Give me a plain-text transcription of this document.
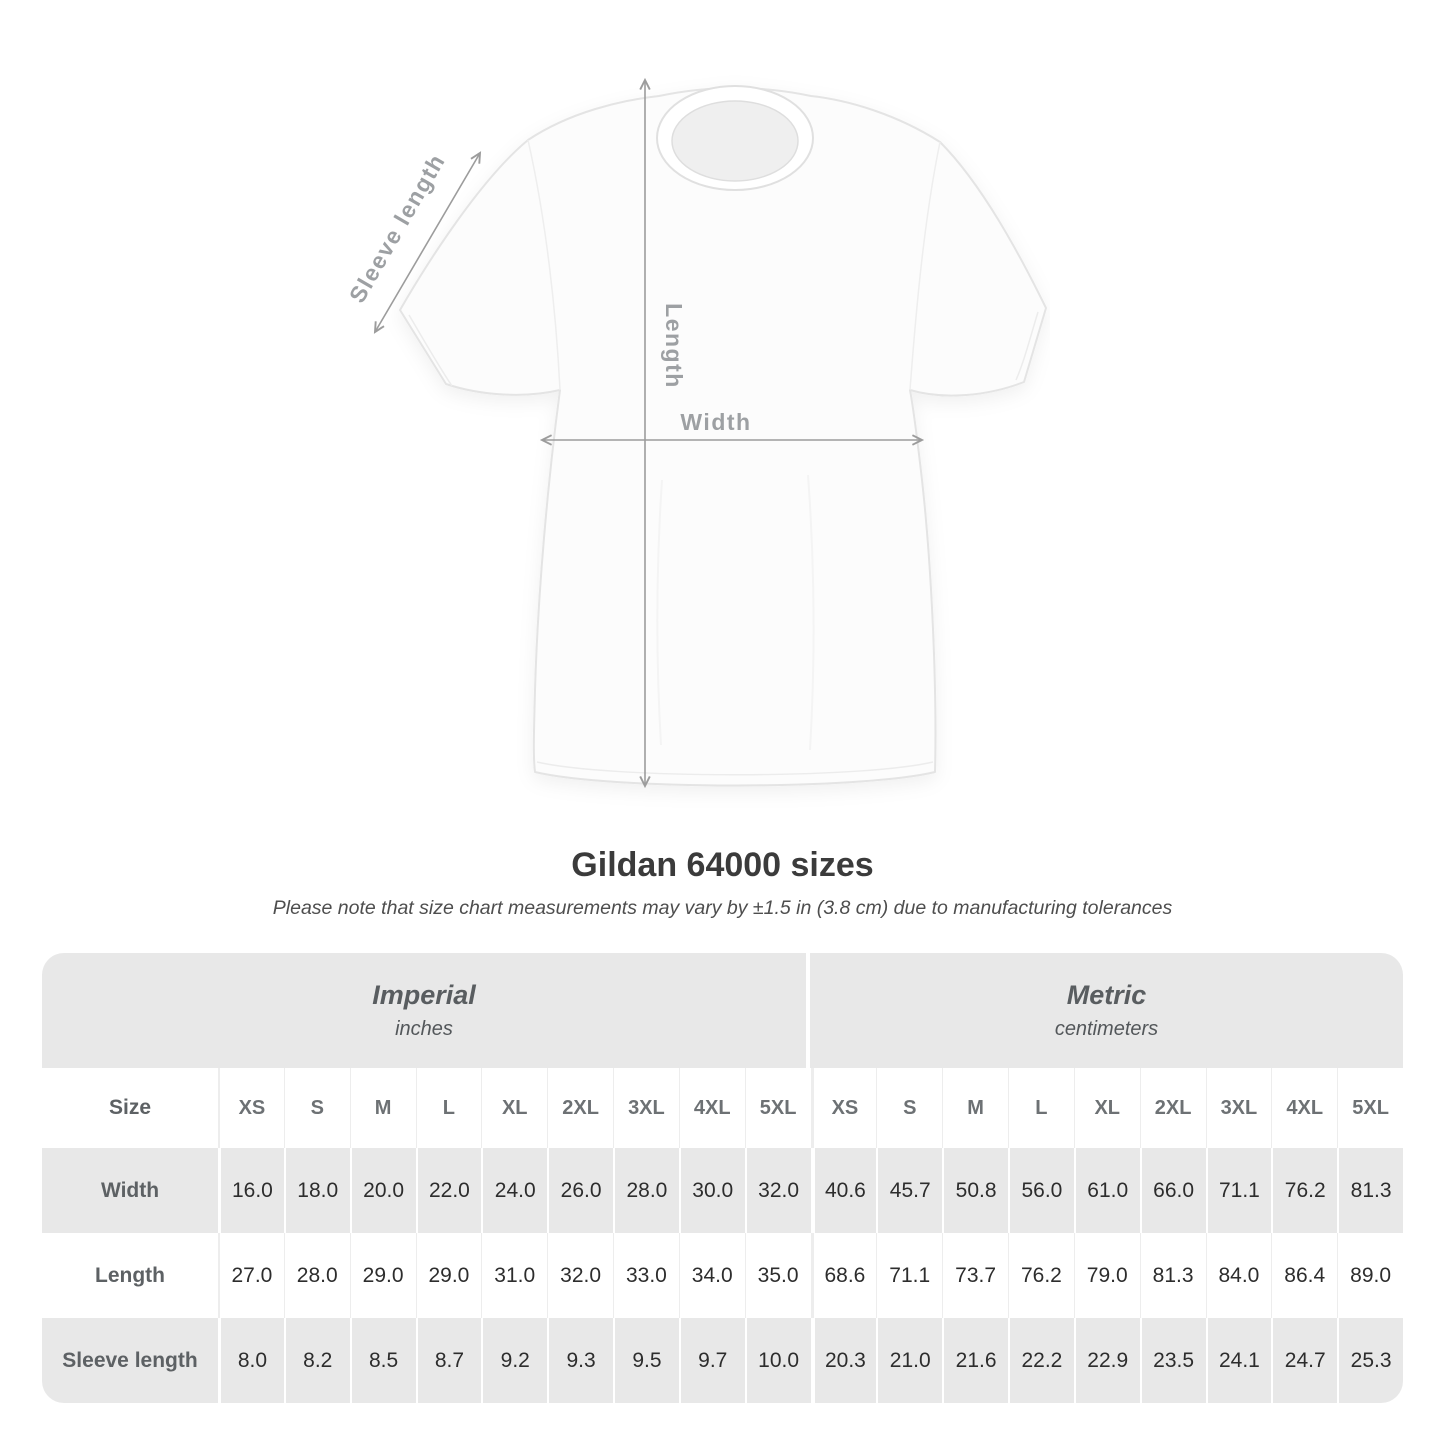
Width
Length
Sleeve length
Gildan 64000 sizes
Please note that size chart measurements may vary by ±1.5 in (3.8 cm) due to manufacturing tolerances
Imperial
inches
Metric
centimeters
Size	XS	S	M	L	XL	2XL	3XL	4XL	5XL	XS	S	M	L	XL	2XL	3XL	4XL	5XL
Width	16.0	18.0	20.0	22.0	24.0	26.0	28.0	30.0	32.0	40.6	45.7	50.8	56.0	61.0	66.0	71.1	76.2	81.3
Length	27.0	28.0	29.0	29.0	31.0	32.0	33.0	34.0	35.0	68.6	71.1	73.7	76.2	79.0	81.3	84.0	86.4	89.0
Sleeve length	8.0	8.2	8.5	8.7	9.2	9.3	9.5	9.7	10.0	20.3	21.0	21.6	22.2	22.9	23.5	24.1	24.7	25.3
